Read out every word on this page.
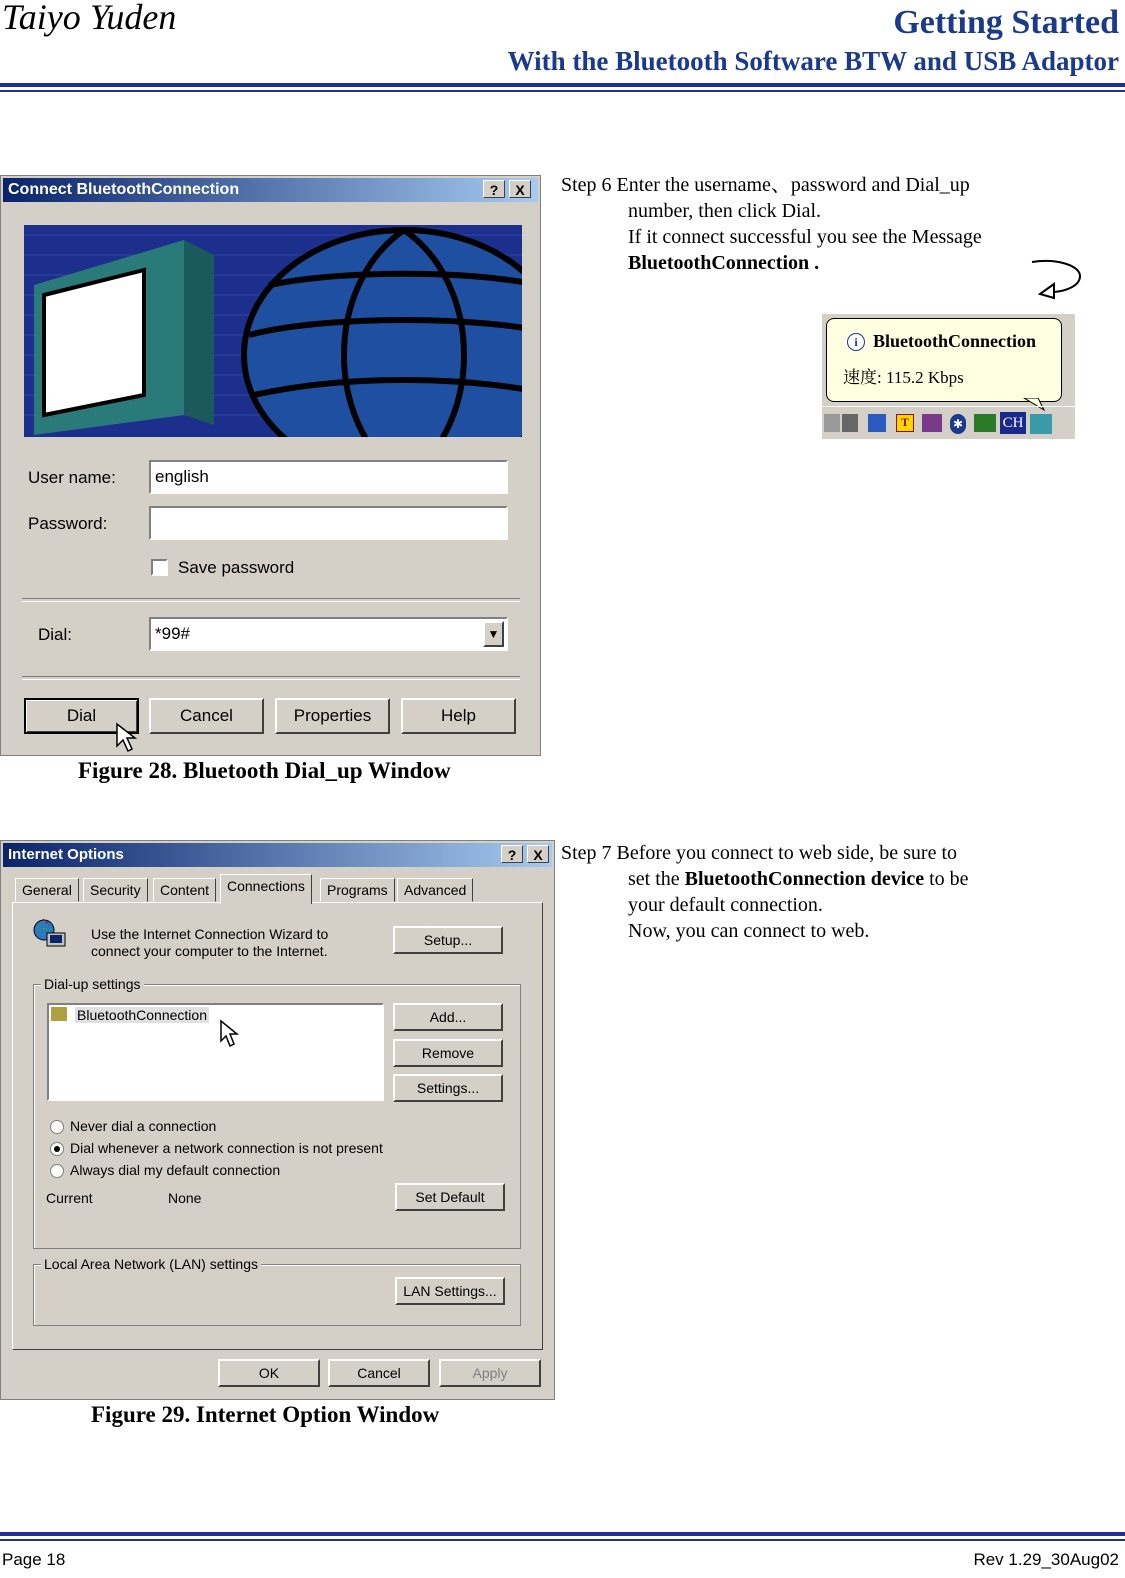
Taiyo Yuden	Getting Started
With the Bluetooth Software BTW and USB Adaptor
Connect BluetoothConnection	?	X
User name:	english
Password:
Save password
Dial:	*99#	▼
Dial	Cancel	Properties	Help
Figure 28. Bluetooth Dial_up Window
Step 6 Enter the username、password and Dial_up
number, then click Dial.
If it connect successful you see the Message
BluetoothConnection .
i BluetoothConnection
速度: 115.2 Kbps
T	✱	CH
Internet Options	?	X
General	Security	Content	Connections	Programs	Advanced
Use the Internet Connection Wizard to
connect your computer to the Internet.
Setup...
Dial-up settings
BluetoothConnection	Add...
Remove
Settings...
Never dial a connection
Dial whenever a network connection is not present
Always dial my default connection
Current	None	Set Default
Local Area Network (LAN) settings
LAN Settings...
OK	Cancel	Apply
Figure 29. Internet Option Window
Step 7 Before you connect to web side, be sure to
set the BluetoothConnection device to be
your default connection.
Now, you can connect to web.
Page 18	Rev 1.29_30Aug02
